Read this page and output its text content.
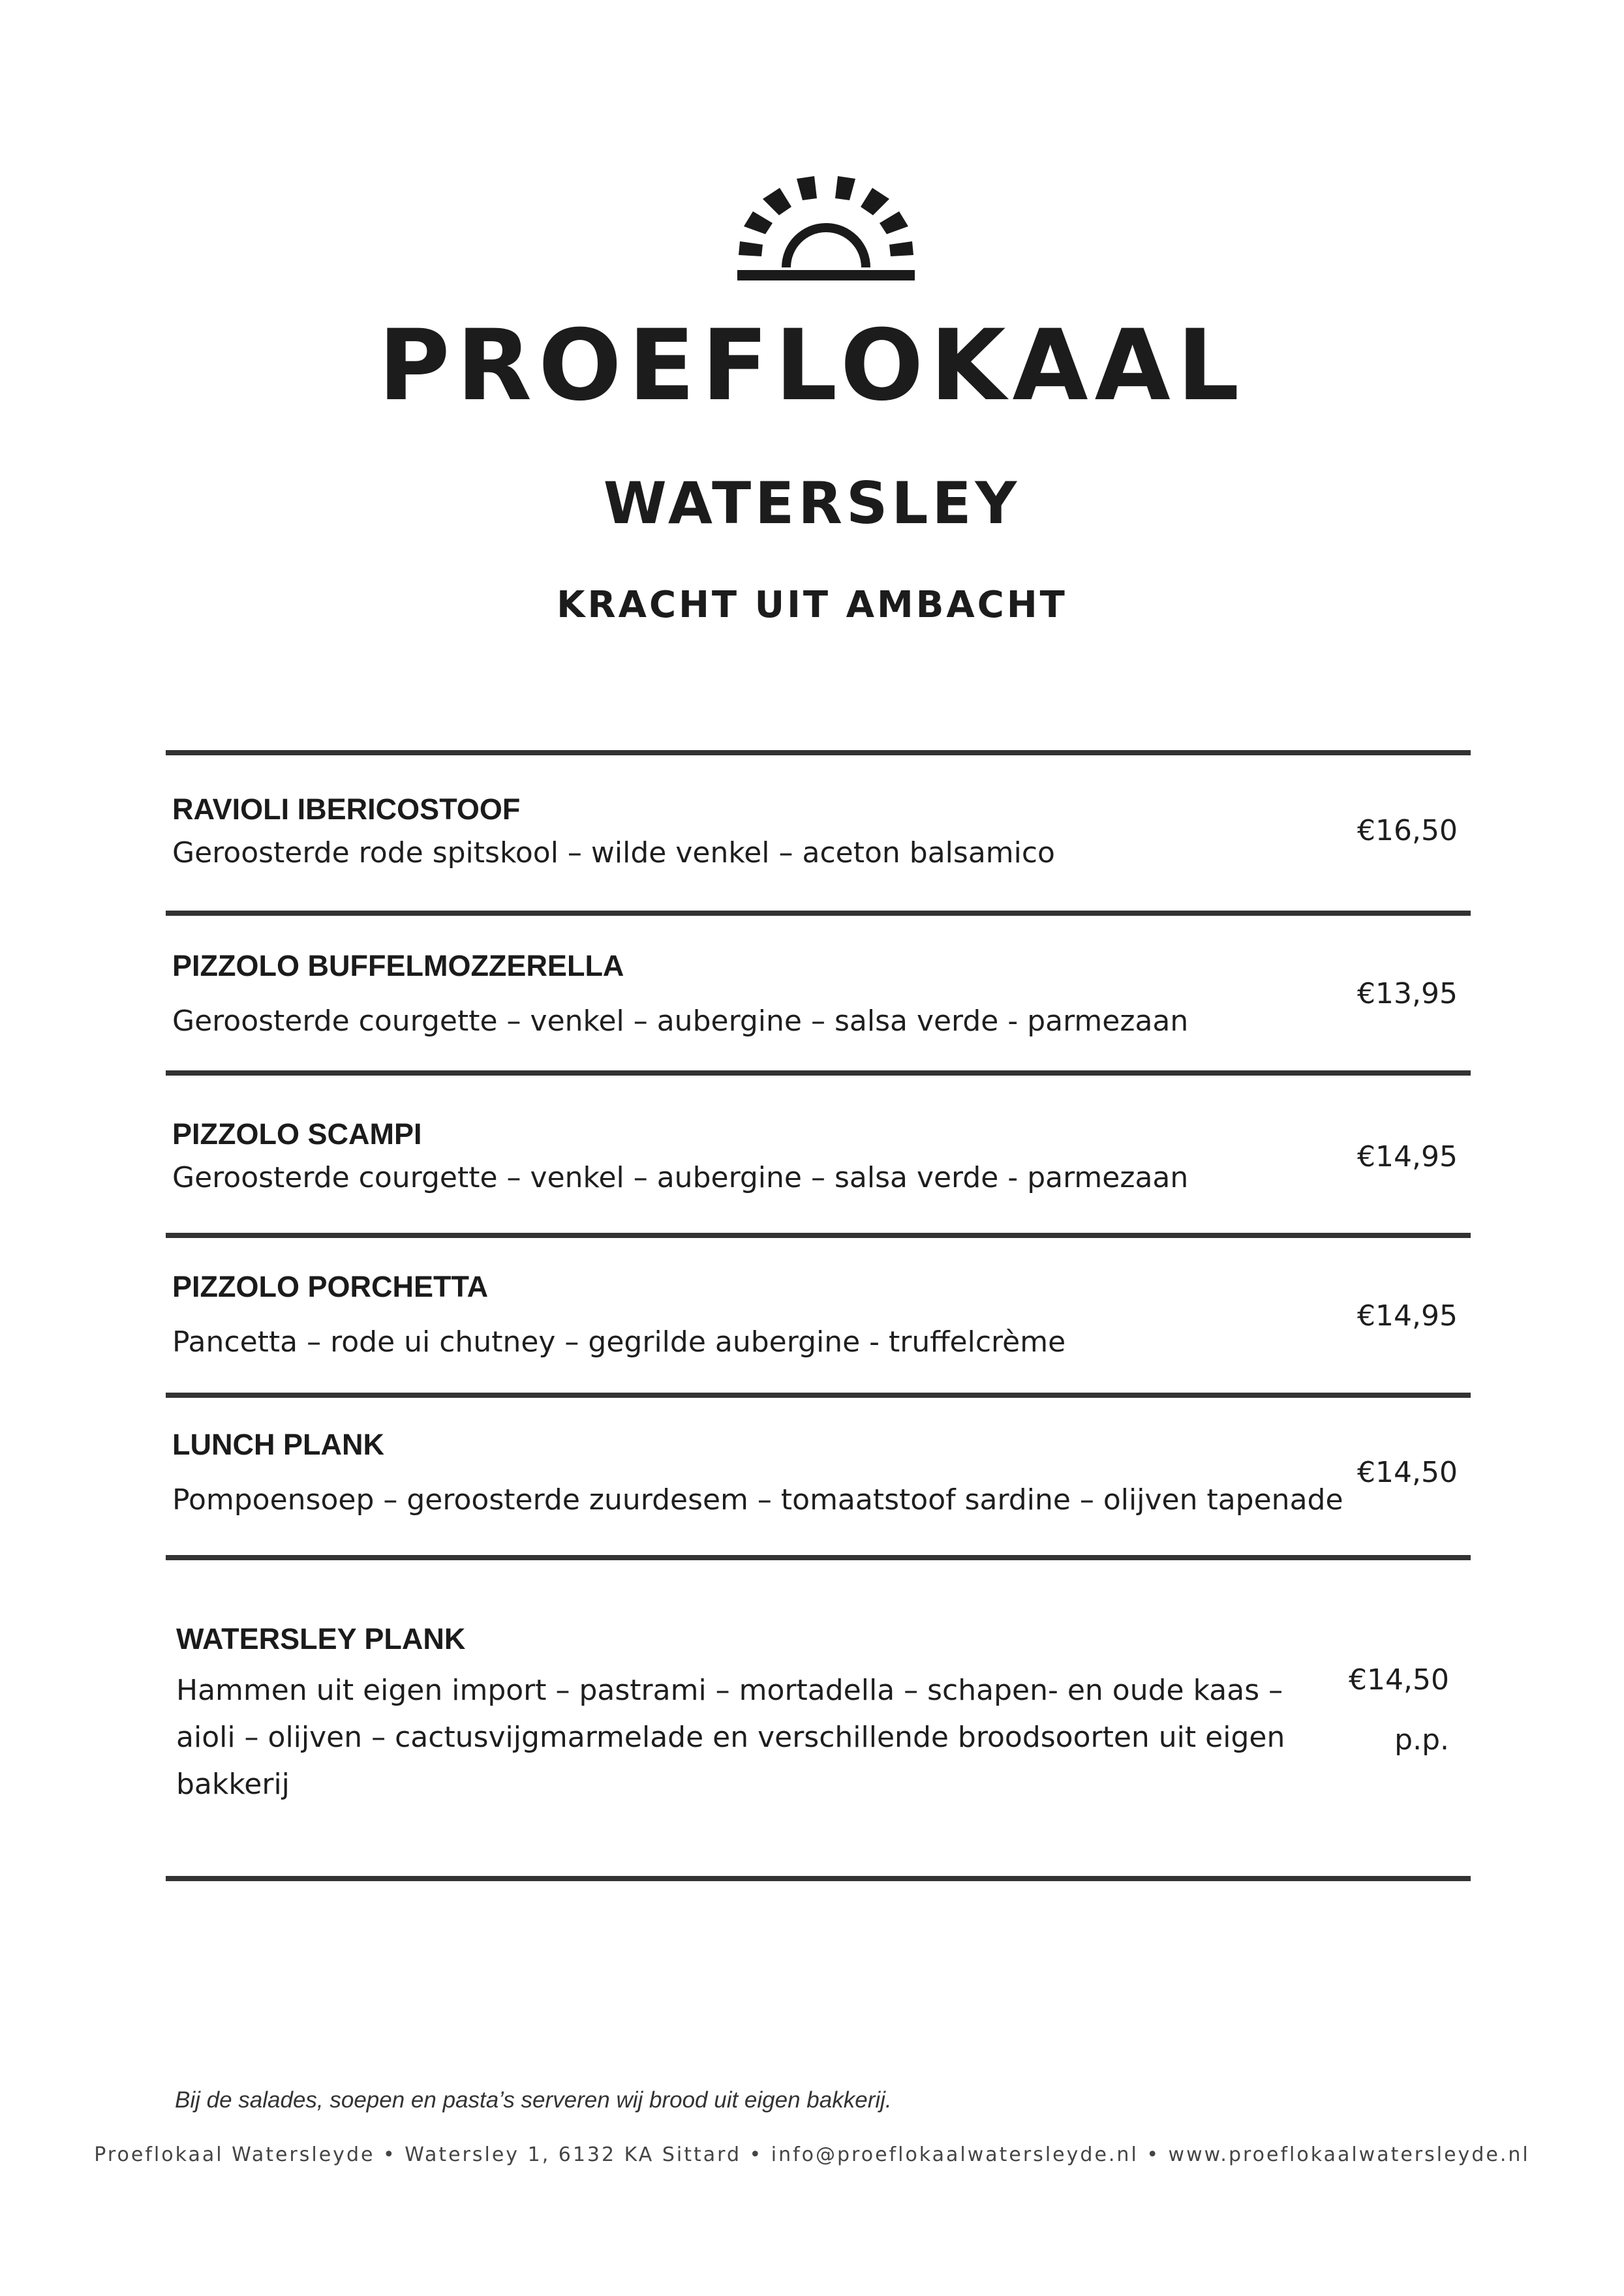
PROEFLOKAAL
WATERSLEY
KRACHT UIT AMBACHT

RAVIOLI IBERICOSTOOF

Geroosterde rode spitskool – wilde venkel – aceton balsamico

€16,50

PIZZOLO BUFFELMOZZERELLA

Geroosterde courgette – venkel – aubergine – salsa verde - parmezaan

€13,95

PIZZOLO SCAMPI

Geroosterde courgette – venkel – aubergine – salsa verde - parmezaan

€14,95

PIZZOLO PORCHETTA

Pancetta – rode ui chutney – gegrilde aubergine - truffelcrème

€14,95

LUNCH PLANK

Pompoensoep – geroosterde zuurdesem – tomaatstoof sardine – olijven tapenade

€14,50

WATERSLEY PLANK

Hammen uit eigen import – pastrami – mortadella – schapen- en oude kaas – aioli – olijven – cactusvijgmarmelade en verschillende broodsoorten uit eigen bakkerij

€14,50

p.p.

Bij de salades, soepen en pasta’s serveren wij brood uit eigen bakkerij.

Proeflokaal Watersleyde • Watersley 1, 6132 KA Sittard • info@proeflokaalwatersleyde.nl • www.proeflokaalwatersleyde.nl
